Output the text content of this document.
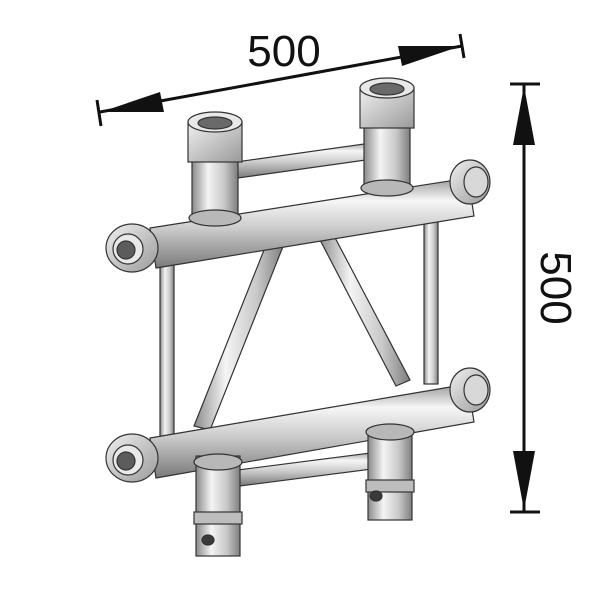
500
500
